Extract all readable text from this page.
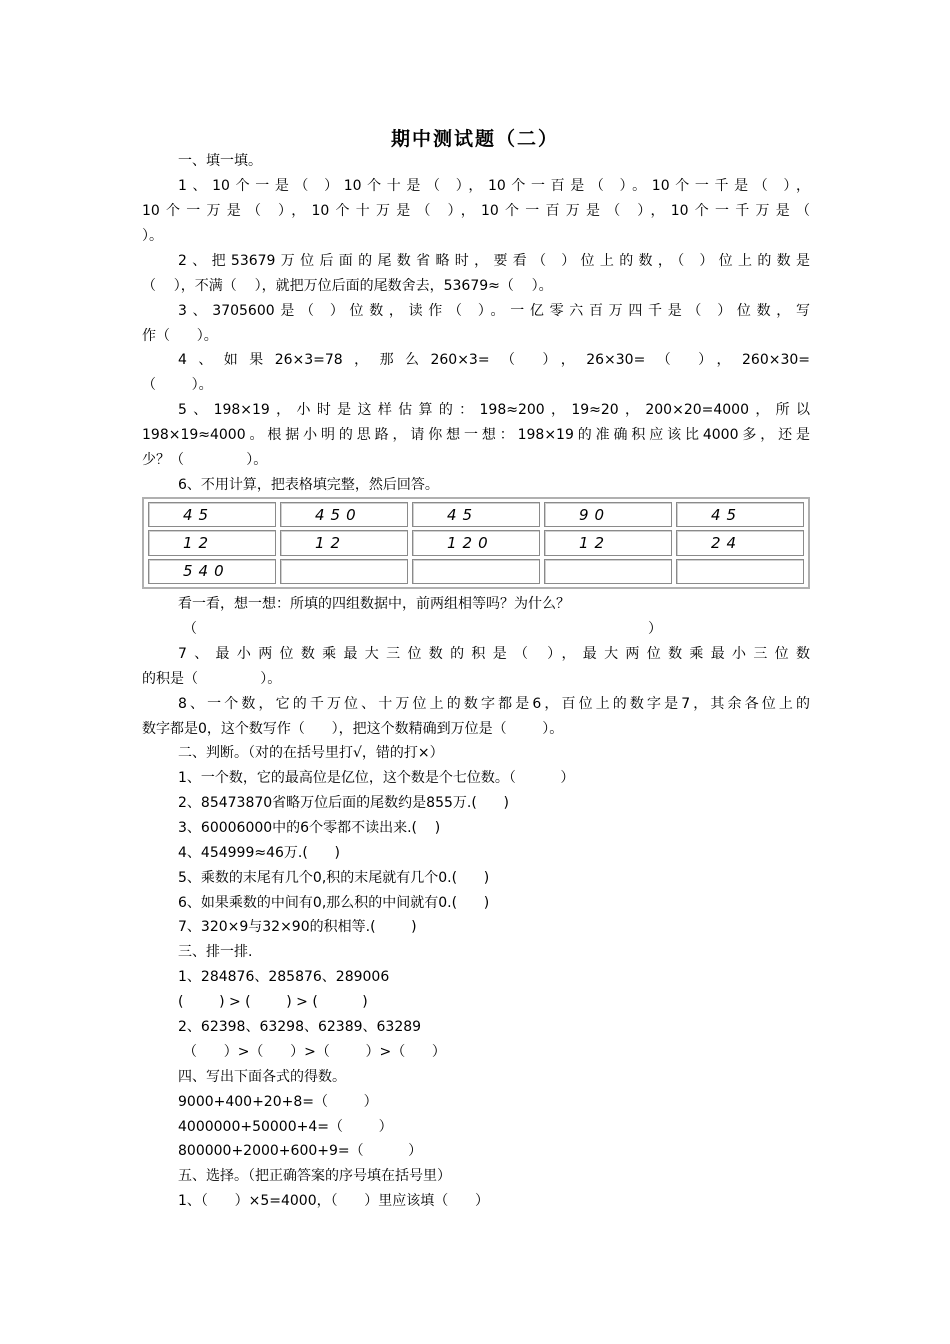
期中测试题（二）
一、填一填。
1、10个一是（ ）10个十是（ ），10个一百是（ ）。10个一千是（ ），
10个一万是（ ），10个十万是（ ），10个一百万是（ ），10个一千万是（
）。
2、把53679万位后面的尾数省略时，要看（ ）位上的数，（ ）位上的数是
（    ），不满（    ），就把万位后面的尾数舍去，53679≈（    ）。
3、3705600是（ ）位数，读作（ ）。一亿零六百万四千是（ ）位数，写
作（      ）。
4、如果26×3=78，那么260×3=（ ），26×30=（ ），260×30=
（        ）。
5、198×19，小时是这样估算的：198≈200，19≈20，200×20=4000，所以
198×19≈4000。根据小明的思路，请你想一想：198×19的准确积应该比4000多，还是
少？（              ）。
6、不用计算，把表格填完整，然后回答。
45	450	45	90	45
12	12	120	12	24
540				
看一看，想一想：所填的四组数据中，前两组相等吗？为什么？
（	）
7、最小两位数乘最大三位数的积是（ ），最大两位数乘最小三位数
的积是（              ）。
8、一个数，它的千万位、十万位上的数字都是6，百位上的数字是7，其余各位上的
数字都是0，这个数写作（      ），把这个数精确到万位是（        ）。
二、判断。（对的在括号里打√，错的打×）
1、一个数，它的最高位是亿位，这个数是个七位数。（          ）
2、85473870省略万位后面的尾数约是855万.(      )
3、60006000中的6个零都不读出来.(    )
4、454999≈46万.(      )
5、乘数的末尾有几个0,积的末尾就有几个0.(      )
6、如果乘数的中间有0,那么积的中间就有0.(      )
7、320×9与32×90的积相等.(        )
三、排一排.
1、284876、285876、289006
(        ) > (        ) > (          )
2、62398、63298、62389、63289
（      ）>（      ）>（        ）>（      ）
四、写出下面各式的得数。
9000+400+20+8=（        ）
4000000+50000+4=（        ）
800000+2000+600+9=（          ）
五、选择。（把正确答案的序号填在括号里）
1、（      ）×5=4000，（      ）里应该填（      ）
